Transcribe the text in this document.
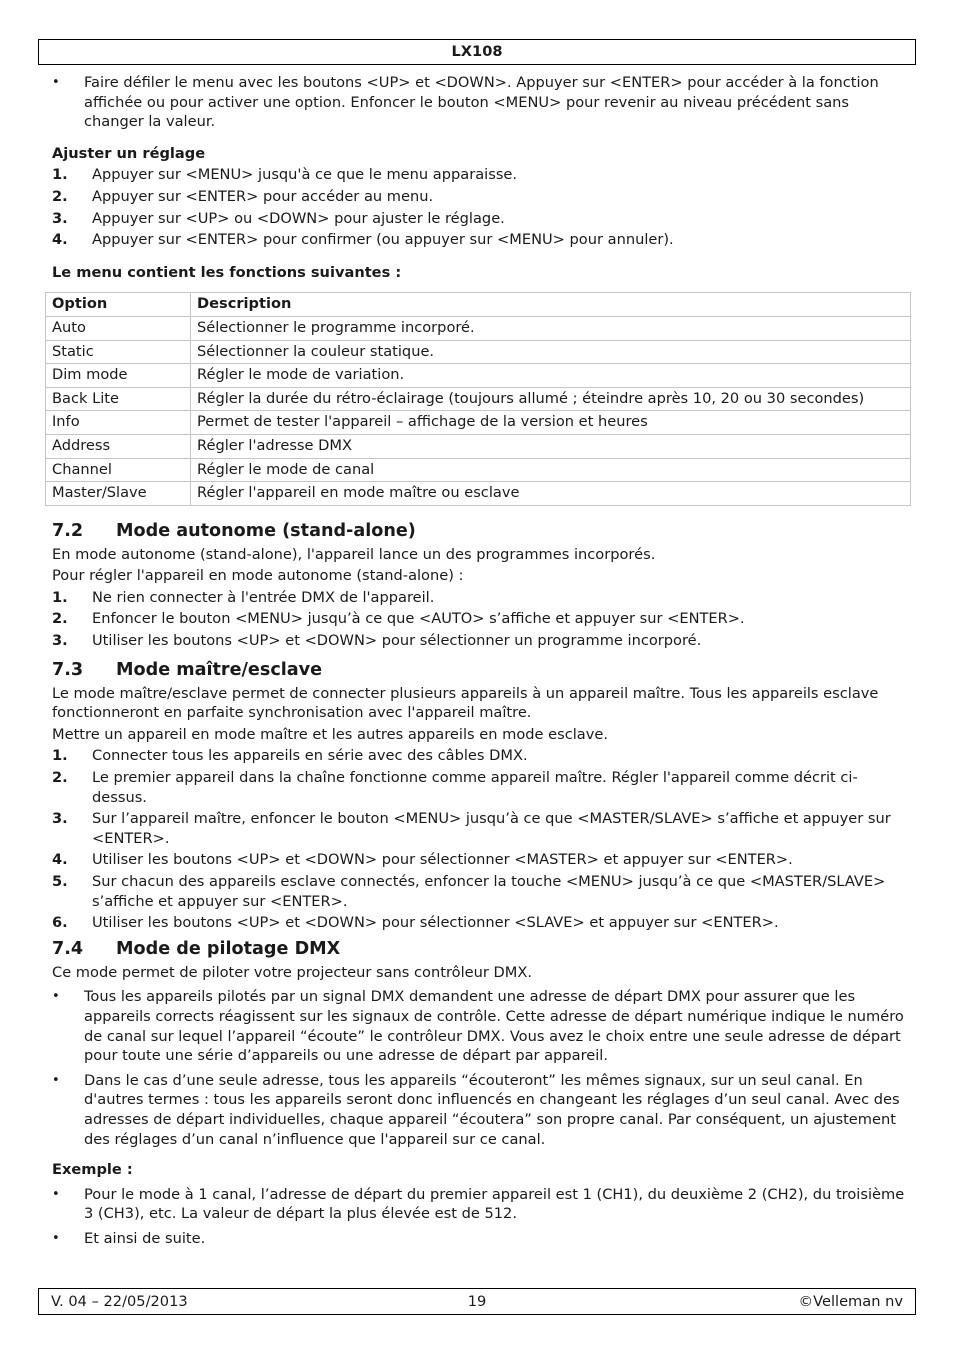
LX108
• Faire défiler le menu avec les boutons <UP> et <DOWN>. Appuyer sur <ENTER> pour accéder à la fonction affichée ou pour activer une option. Enfoncer le bouton <MENU> pour revenir au niveau précédent sans changer la valeur.
Ajuster un réglage
1. Appuyer sur <MENU> jusqu'à ce que le menu apparaisse.
2. Appuyer sur <ENTER> pour accéder au menu.
3. Appuyer sur <UP> ou <DOWN> pour ajuster le réglage.
4. Appuyer sur <ENTER> pour confirmer (ou appuyer sur <MENU> pour annuler).
Le menu contient les fonctions suivantes :
Option	Description
Auto	Sélectionner le programme incorporé.
Static	Sélectionner la couleur statique.
Dim mode	Régler le mode de variation.
Back Lite	Régler la durée du rétro-éclairage (toujours allumé ; éteindre après 10, 20 ou 30 secondes)
Info	Permet de tester l'appareil – affichage de la version et heures
Address	Régler l'adresse DMX
Channel	Régler le mode de canal
Master/Slave	Régler l'appareil en mode maître ou esclave
7.2 Mode autonome (stand-alone)
En mode autonome (stand-alone), l'appareil lance un des programmes incorporés.
Pour régler l'appareil en mode autonome (stand-alone) :
1. Ne rien connecter à l'entrée DMX de l'appareil.
2. Enfoncer le bouton <MENU> jusqu’à ce que <AUTO> s’affiche et appuyer sur <ENTER>.
3. Utiliser les boutons <UP> et <DOWN> pour sélectionner un programme incorporé.
7.3 Mode maître/esclave
Le mode maître/esclave permet de connecter plusieurs appareils à un appareil maître. Tous les appareils esclave fonctionneront en parfaite synchronisation avec l'appareil maître.
Mettre un appareil en mode maître et les autres appareils en mode esclave.
1. Connecter tous les appareils en série avec des câbles DMX.
2. Le premier appareil dans la chaîne fonctionne comme appareil maître. Régler l'appareil comme décrit ci-dessus.
3. Sur l’appareil maître, enfoncer le bouton <MENU> jusqu’à ce que <MASTER/SLAVE> s’affiche et appuyer sur <ENTER>.
4. Utiliser les boutons <UP> et <DOWN> pour sélectionner <MASTER> et appuyer sur <ENTER>.
5. Sur chacun des appareils esclave connectés, enfoncer la touche <MENU> jusqu’à ce que <MASTER/SLAVE> s’affiche et appuyer sur <ENTER>.
6. Utiliser les boutons <UP> et <DOWN> pour sélectionner <SLAVE> et appuyer sur <ENTER>.
7.4 Mode de pilotage DMX
Ce mode permet de piloter votre projecteur sans contrôleur DMX.
• Tous les appareils pilotés par un signal DMX demandent une adresse de départ DMX pour assurer que les appareils corrects réagissent sur les signaux de contrôle. Cette adresse de départ numérique indique le numéro de canal sur lequel l’appareil “écoute” le contrôleur DMX. Vous avez le choix entre une seule adresse de départ pour toute une série d’appareils ou une adresse de départ par appareil.
• Dans le cas d’une seule adresse, tous les appareils “écouteront” les mêmes signaux, sur un seul canal. En d'autres termes : tous les appareils seront donc influencés en changeant les réglages d’un seul canal. Avec des adresses de départ individuelles, chaque appareil “écoutera” son propre canal. Par conséquent, un ajustement des réglages d’un canal n’influence que l'appareil sur ce canal.
Exemple :
• Pour le mode à 1 canal, l’adresse de départ du premier appareil est 1 (CH1), du deuxième 2 (CH2), du troisième 3 (CH3), etc. La valeur de départ la plus élevée est de 512.
• Et ainsi de suite.
V. 04 – 22/05/2013	19	©Velleman nv
